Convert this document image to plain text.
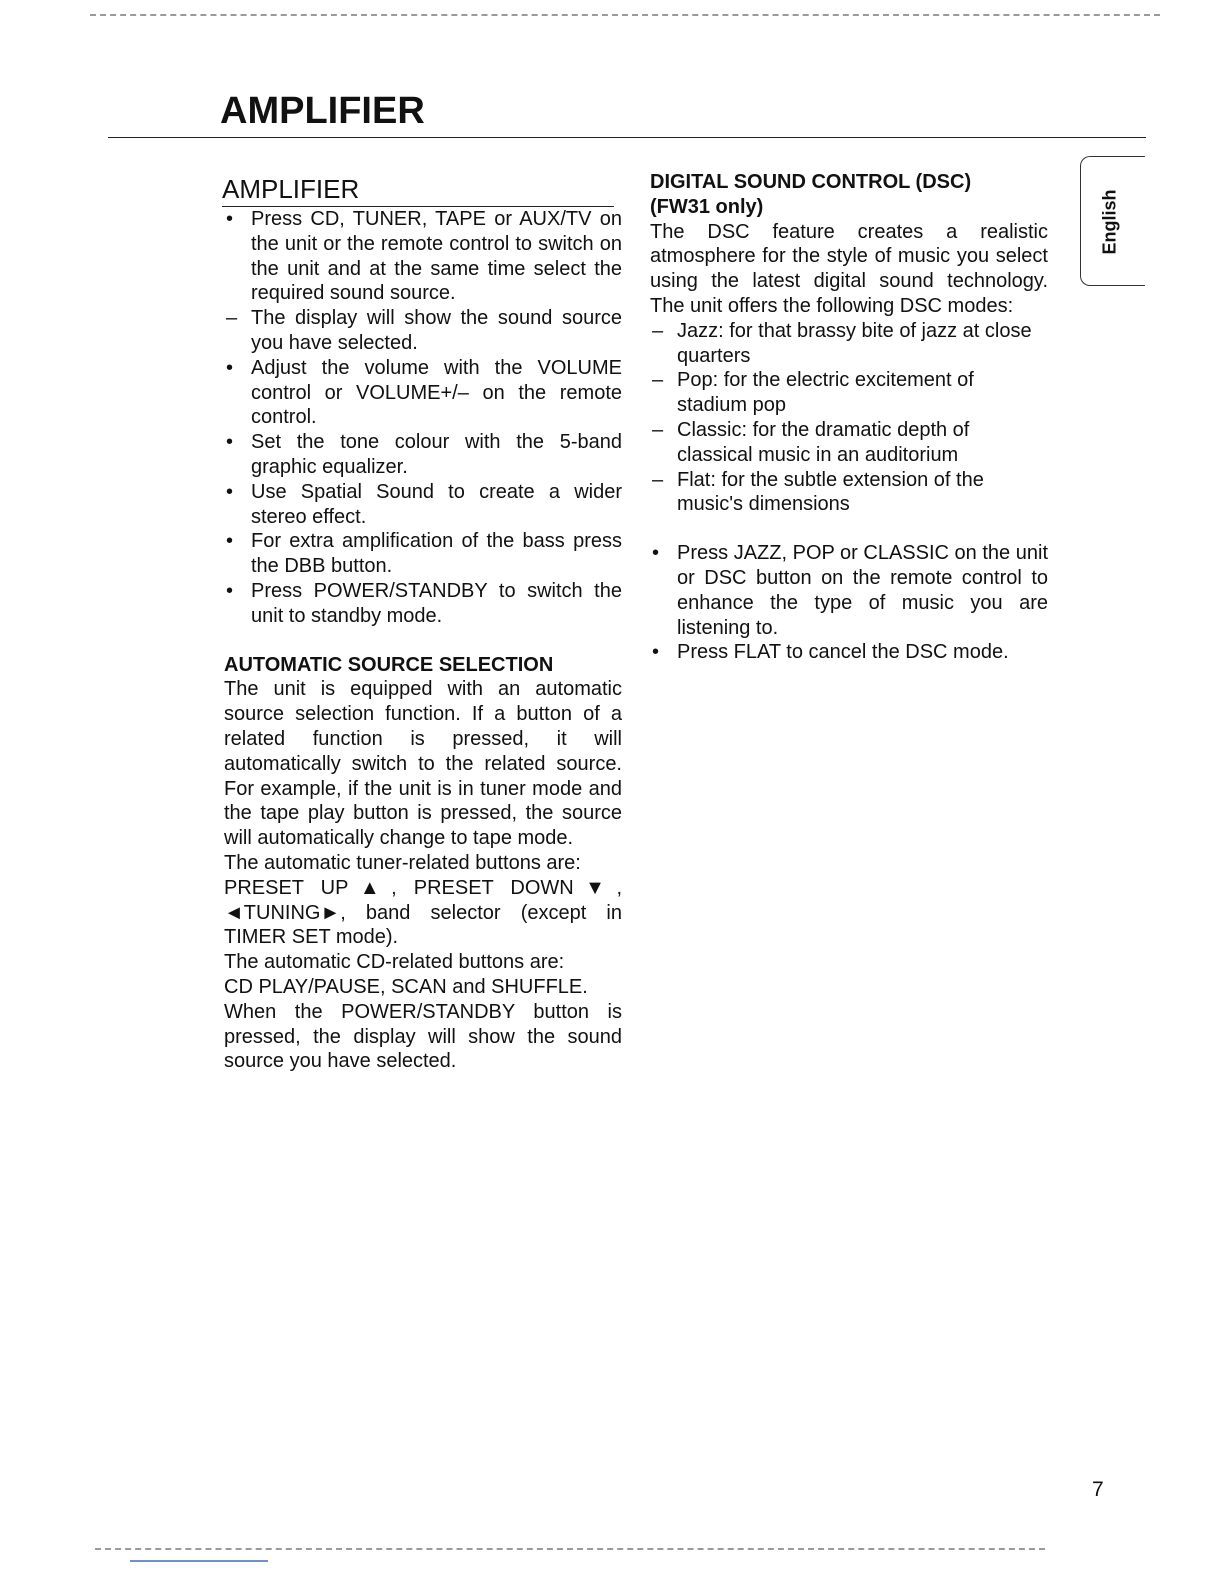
AMPLIFIER
AMPLIFIER
• Press CD, TUNER, TAPE or AUX/TV on the unit or the remote control to switch on the unit and at the same time select the required sound source.
– The display will show the sound source you have selected.
• Adjust the volume with the VOLUME control or VOLUME+/– on the remote control.
• Set the tone colour with the 5-band graphic equalizer.
• Use Spatial Sound to create a wider stereo effect.
• For extra amplification of the bass press the DBB button.
• Press POWER/STANDBY to switch the unit to standby mode.

AUTOMATIC SOURCE SELECTION

The unit is equipped with an automatic source selection function. If a button of a related function is pressed, it will automatically switch to the related source. For example, if the unit is in tuner mode and the tape play button is pressed, the source will automatically change to tape mode.

The automatic tuner-related buttons are:

PRESET UP▲, PRESET DOWN▼, ◄TUNING►, band selector (except in TIMER SET mode).

The automatic CD-related buttons are:

CD PLAY/PAUSE, SCAN and SHUFFLE.

When the POWER/STANDBY button is pressed, the display will show the sound source you have selected.

DIGITAL SOUND CONTROL (DSC)

(FW31 only)

The DSC feature creates a realistic atmosphere for the style of music you select using the latest digital sound technology. The unit offers the following DSC modes:

– Jazz: for that brassy bite of jazz at close quarters
– Pop: for the electric excitement of stadium pop
– Classic: for the dramatic depth of classical music in an auditorium
– Flat: for the subtle extension of the music's dimensions
• Press JAZZ, POP or CLASSIC on the unit or DSC button on the remote control to enhance the type of music you are listening to.
• Press FLAT to cancel the DSC mode.
English
7
